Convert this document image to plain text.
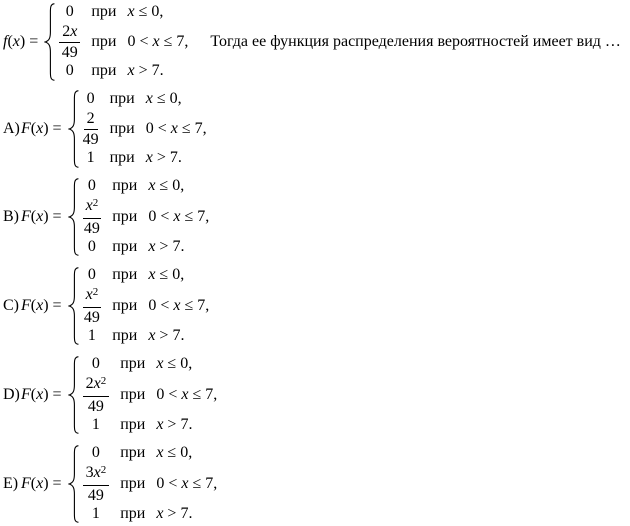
f(x) =
0 при x ≤ 0,
$\frac{2x}{49}$ при 0 < x ≤ 7,
0 при x > 7.
Тогда ее функция распределения вероятностей имеет вид …
A) F(x) =
0 при x ≤ 0,
$\frac{2}{49}$ при 0 < x ≤ 7,
1 при x > 7.
B) F(x) =
0 при x ≤ 0,
$\frac{x2}{49}$ при 0 < x ≤ 7,
0 при x > 7.
C) F(x) =
0 при x ≤ 0,
$\frac{x2}{49}$ при 0 < x ≤ 7,
1 при x > 7.
D) F(x) =
0 при x ≤ 0,
$\frac{2x2}{49}$ при 0 < x ≤ 7,
1 при x > 7.
E) F(x) =
0 при x ≤ 0,
$\frac{3x2}{49}$ при 0 < x ≤ 7,
1 при x > 7.
